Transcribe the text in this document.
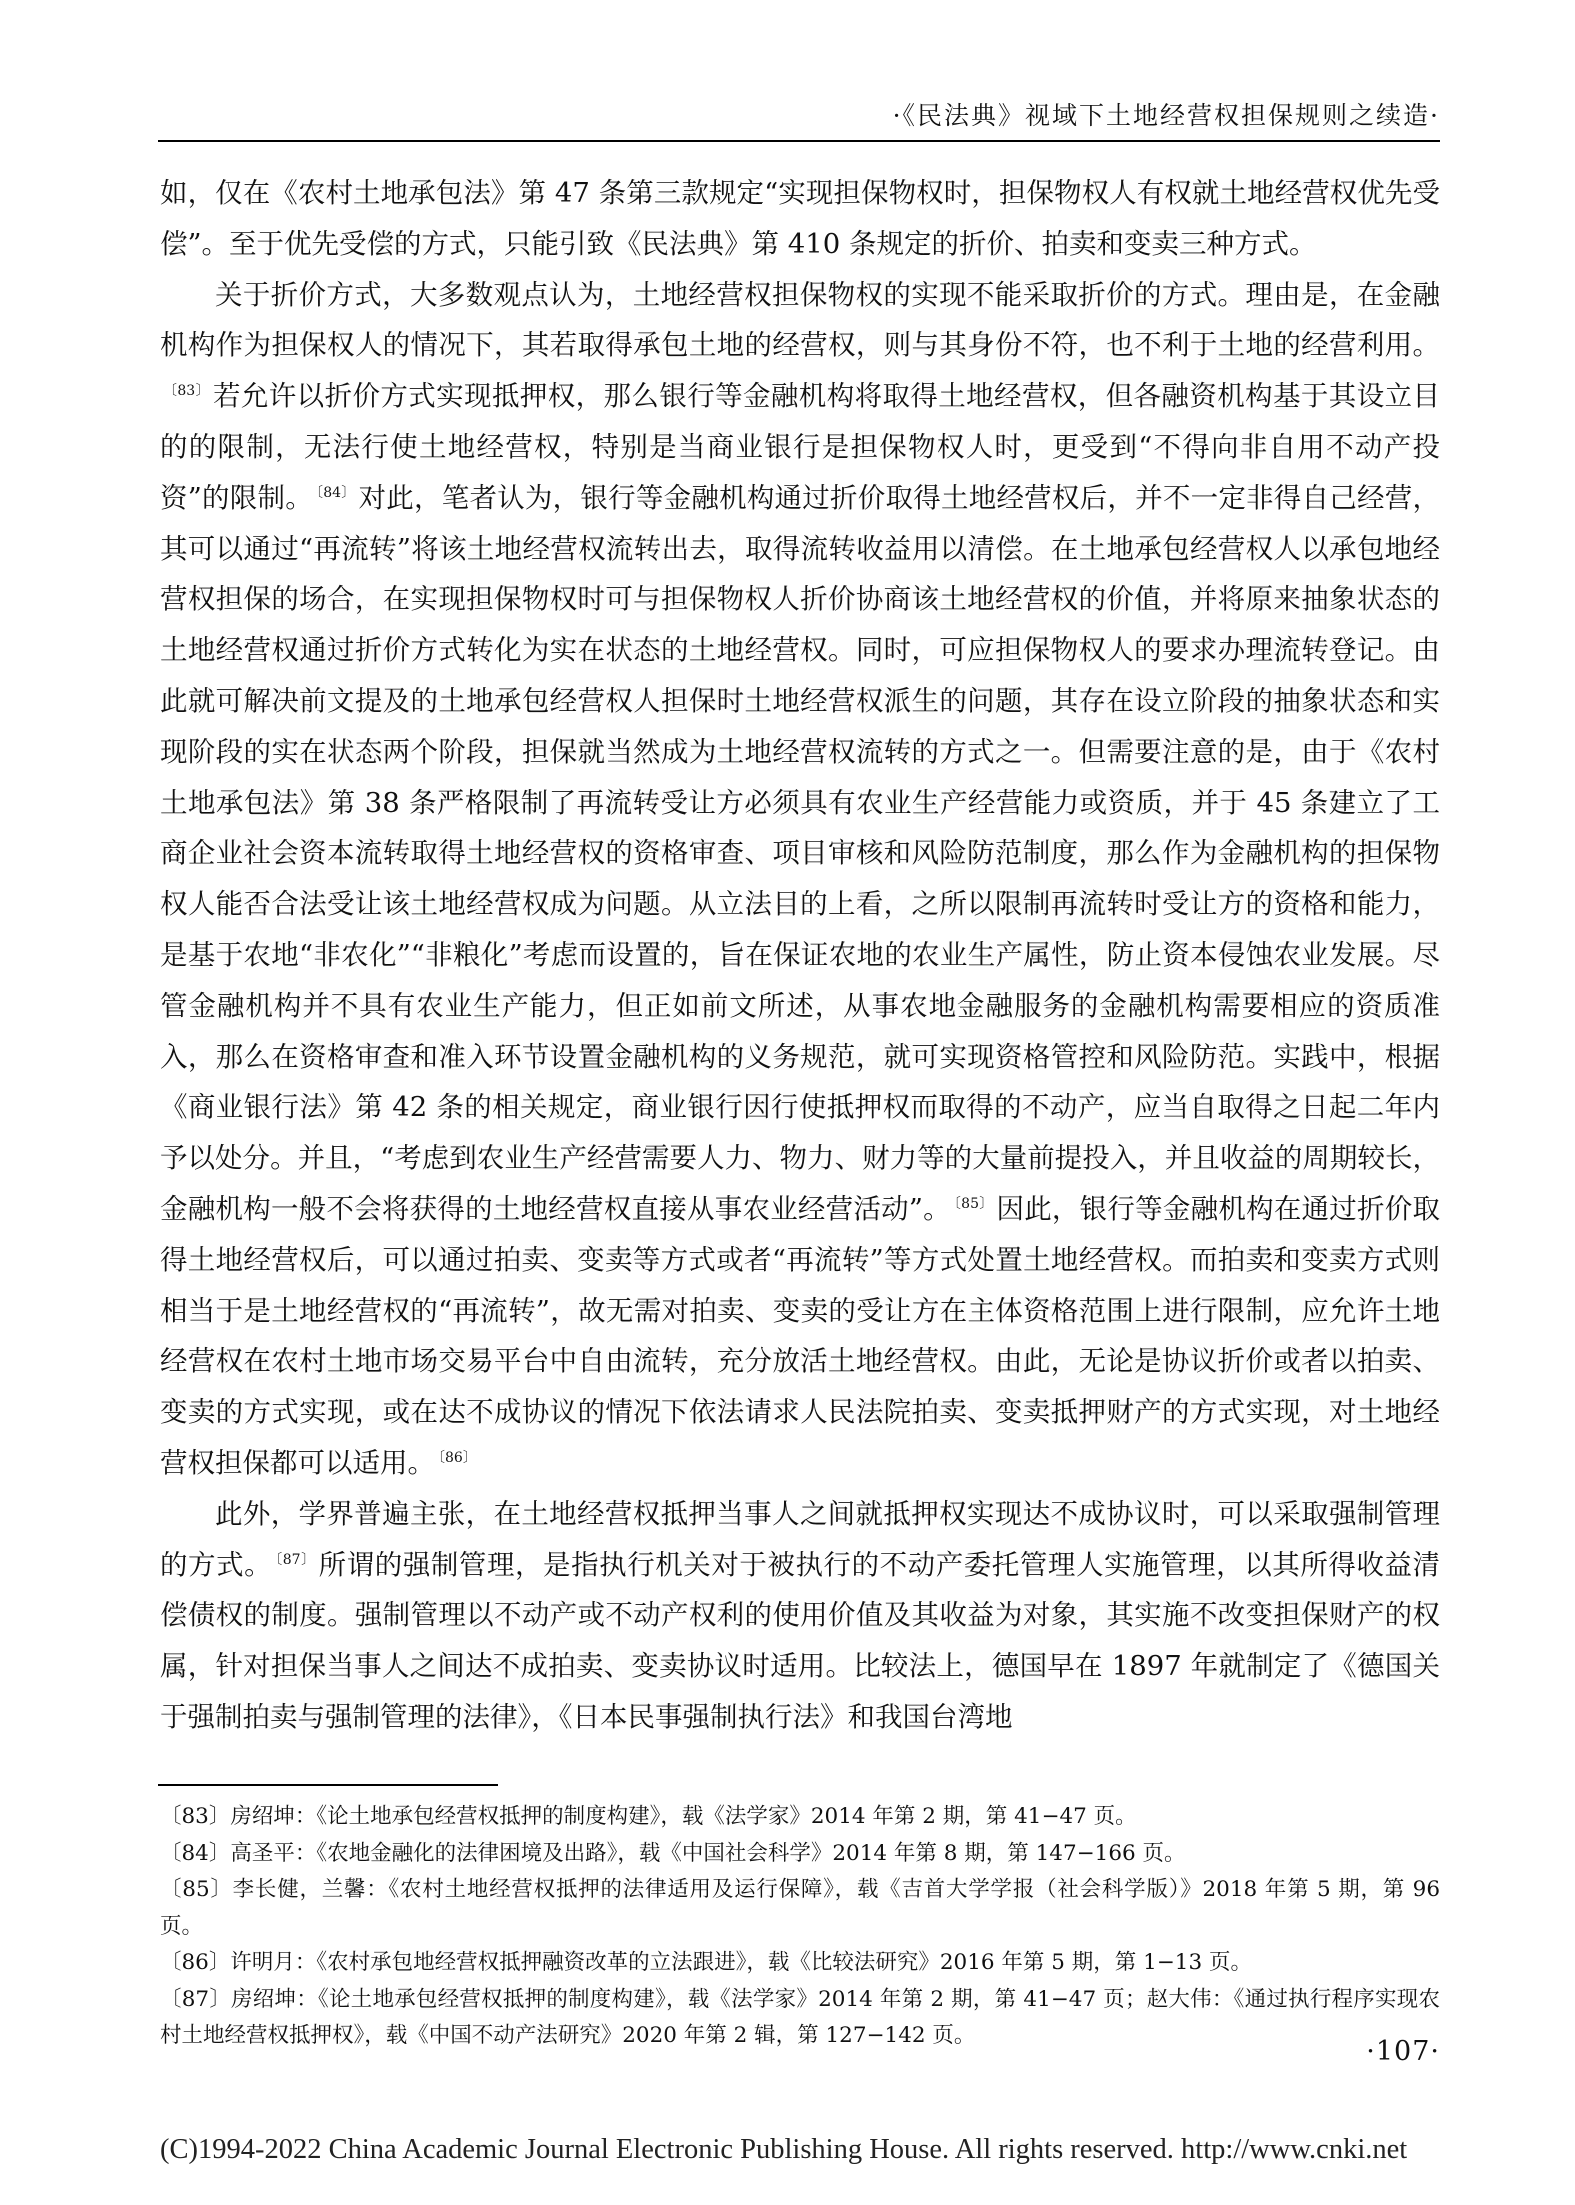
·《民法典》视域下土地经营权担保规则之续造·

如，仅在《农村土地承包法》第 47 条第三款规定“实现担保物权时，担保物权人有权就土地经营权优先受偿”。至于优先受偿的方式，只能引致《民法典》第 410 条规定的折价、拍卖和变卖三种方式。

关于折价方式，大多数观点认为，土地经营权担保物权的实现不能采取折价的方式。理由是，在金融机构作为担保权人的情况下，其若取得承包土地的经营权，则与其身份不符，也不利于土地的经营利用。$^{〔83〕}$ 若允许以折价方式实现抵押权，那么银行等金融机构将取得土地经营权，但各融资机构基于其设立目的的限制，无法行使土地经营权，特别是当商业银行是担保物权人时，更受到“不得向非自用不动产投资”的限制。 $^{〔84〕}$ 对此，笔者认为，银行等金融机构通过折价取得土地经营权后，并不一定非得自己经营，其可以通过“再流转”将该土地经营权流转出去，取得流转收益用以清偿。在土地承包经营权人以承包地经营权担保的场合，在实现担保物权时可与担保物权人折价协商该土地经营权的价值，并将原来抽象状态的土地经营权通过折价方式转化为实在状态的土地经营权。同时，可应担保物权人的要求办理流转登记。由此就可解决前文提及的土地承包经营权人担保时土地经营权派生的问题，其存在设立阶段的抽象状态和实现阶段的实在状态两个阶段，担保就当然成为土地经营权流转的方式之一。但需要注意的是，由于《农村土地承包法》第 38 条严格限制了再流转受让方必须具有农业生产经营能力或资质，并于 45 条建立了工商企业社会资本流转取得土地经营权的资格审查、项目审核和风险防范制度，那么作为金融机构的担保物权人能否合法受让该土地经营权成为问题。从立法目的上看，之所以限制再流转时受让方的资格和能力，是基于农地“非农化”“非粮化”考虑而设置的，旨在保证农地的农业生产属性，防止资本侵蚀农业发展。尽管金融机构并不具有农业生产能力，但正如前文所述，从事农地金融服务的金融机构需要相应的资质准入，那么在资格审查和准入环节设置金融机构的义务规范，就可实现资格管控和风险防范。实践中，根据《商业银行法》第 42 条的相关规定，商业银行因行使抵押权而取得的不动产，应当自取得之日起二年内予以处分。并且，“考虑到农业生产经营需要人力、物力、财力等的大量前提投入，并且收益的周期较长，金融机构一般不会将获得的土地经营权直接从事农业经营活动”。 $^{〔85〕}$ 因此，银行等金融机构在通过折价取得土地经营权后，可以通过拍卖、变卖等方式或者“再流转”等方式处置土地经营权。而拍卖和变卖方式则相当于是土地经营权的“再流转”，故无需对拍卖、变卖的受让方在主体资格范围上进行限制，应允许土地经营权在农村土地市场交易平台中自由流转，充分放活土地经营权。由此，无论是协议折价或者以拍卖、变卖的方式实现，或在达不成协议的情况下依法请求人民法院拍卖、变卖抵押财产的方式实现，对土地经营权担保都可以适用。 $^{〔86〕}$

此外，学界普遍主张，在土地经营权抵押当事人之间就抵押权实现达不成协议时，可以采取强制管理的方式。 $^{〔87〕}$ 所谓的强制管理，是指执行机关对于被执行的不动产委托管理人实施管理，以其所得收益清偿债权的制度。强制管理以不动产或不动产权利的使用价值及其收益为对象，其实施不改变担保财产的权属，针对担保当事人之间达不成拍卖、变卖协议时适用。比较法上，德国早在 1897 年就制定了《德国关于强制拍卖与强制管理的法律》，《日本民事强制执行法》和我国台湾地

〔83〕房绍坤：《论土地承包经营权抵押的制度构建》，载《法学家》2014 年第 2 期，第 41−47 页。
〔84〕高圣平：《农地金融化的法律困境及出路》，载《中国社会科学》2014 年第 8 期，第 147−166 页。
〔85〕李长健，兰馨：《农村土地经营权抵押的法律适用及运行保障》，载《吉首大学学报（社会科学版）》2018 年第 5 期，第 96 页。
〔86〕许明月：《农村承包地经营权抵押融资改革的立法跟进》，载《比较法研究》2016 年第 5 期，第 1−13 页。
〔87〕房绍坤：《论土地承包经营权抵押的制度构建》，载《法学家》2014 年第 2 期，第 41−47 页；赵大伟：《通过执行程序实现农村土地经营权抵押权》，载《中国不动产法研究》2020 年第 2 辑，第 127−142 页。
·107·
(C)1994-2022 China Academic Journal Electronic Publishing House. All rights reserved. http://www.cnki.net
